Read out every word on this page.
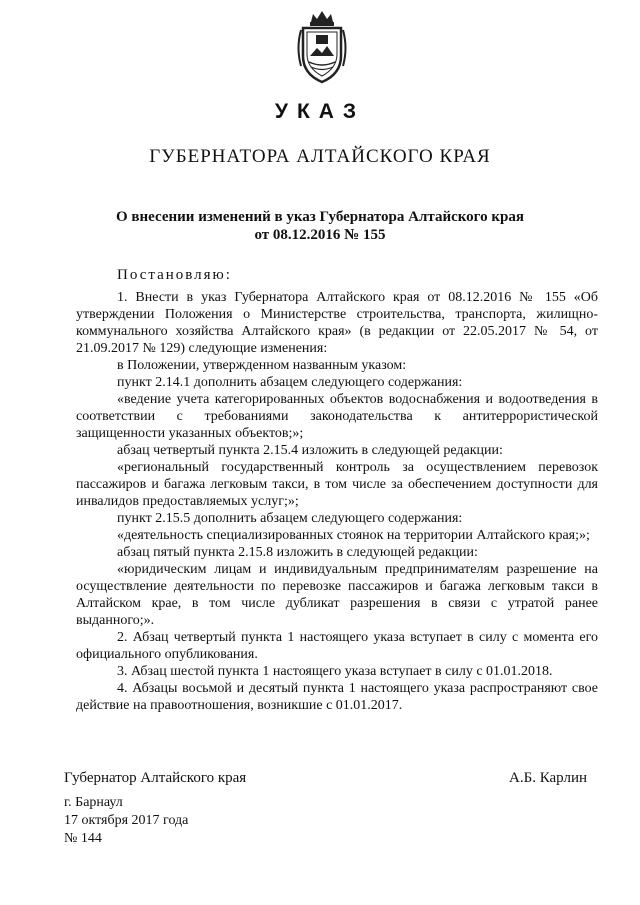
УКАЗ
ГУБЕРНАТОРА АЛТАЙСКОГО КРАЯ
О внесении изменений в указ Губернатора Алтайского края
от 08.12.2016 № 155
Постановляю:

1. Внести в указ Губернатора Алтайского края от 08.12.2016 № 155 «Об утверждении Положения о Министерстве строительства, транспорта, жилищно-коммунального хозяйства Алтайского края» (в редакции от 22.05.2017 № 54, от 21.09.2017 № 129) следующие изменения:

в Положении, утвержденном названным указом:

пункт 2.14.1 дополнить абзацем следующего содержания:

«ведение учета категорированных объектов водоснабжения и водоотведения в соответствии с требованиями законодательства к антитеррористической защищенности указанных объектов;»;

абзац четвертый пункта 2.15.4 изложить в следующей редакции:

«региональный государственный контроль за осуществлением перевозок пассажиров и багажа легковым такси, в том числе за обеспечением доступности для инвалидов предоставляемых услуг;»;

пункт 2.15.5 дополнить абзацем следующего содержания:

«деятельность специализированных стоянок на территории Алтайского края;»;

абзац пятый пункта 2.15.8 изложить в следующей редакции:

«юридическим лицам и индивидуальным предпринимателям разрешение на осуществление деятельности по перевозке пассажиров и багажа легковым такси в Алтайском крае, в том числе дубликат разрешения в связи с утратой ранее выданного;».

2. Абзац четвертый пункта 1 настоящего указа вступает в силу с момента его официального опубликования.

3. Абзац шестой пункта 1 настоящего указа вступает в силу с 01.01.2018.

4. Абзацы восьмой и десятый пункта 1 настоящего указа распространяют свое действие на правоотношения, возникшие с 01.01.2017.

Губернатор Алтайского края	А.Б. Карлин
г. Барнаул
17 октября 2017 года
№ 144
